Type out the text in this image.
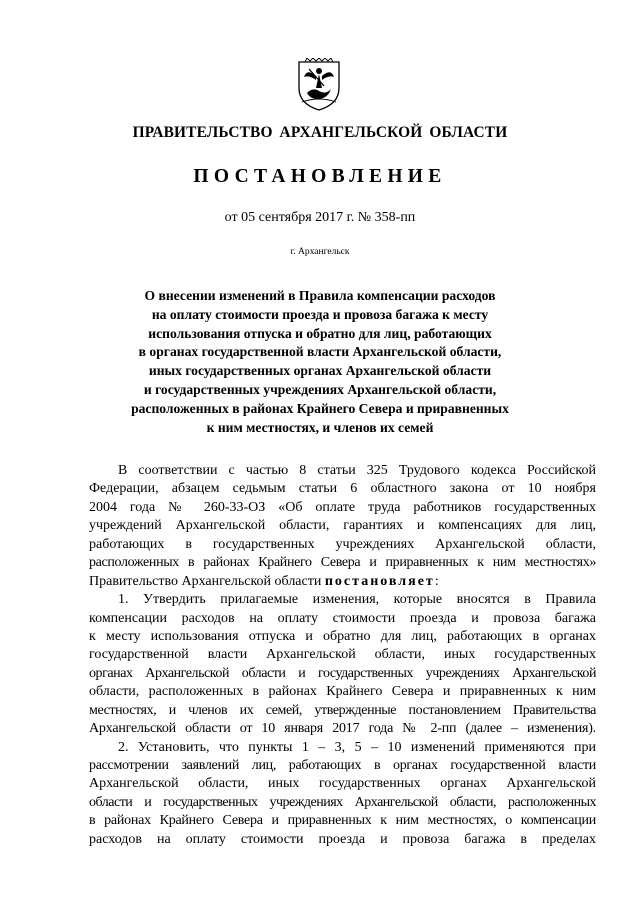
ПРАВИТЕЛЬСТВО АРХАНГЕЛЬСКОЙ ОБЛАСТИ
ПОСТАНОВЛЕНИЕ
от 05 сентября 2017 г. № 358-пп
г. Архангельск
О внесении изменений в Правила компенсации расходов
на оплату стоимости проезда и провоза багажа к месту
использования отпуска и обратно для лиц, работающих
в органах государственной власти Архангельской области,
иных государственных органах Архангельской области
и государственных учреждениях Архангельской области,
расположенных в районах Крайнего Севера и приравненных
к ним местностях, и членов их семей
В соответствии с частью 8 статьи 325 Трудового кодекса Российской
Федерации, абзацем седьмым статьи 6 областного закона от 10 ноября
2004 года № 260-33-ОЗ «Об оплате труда работников государственных
учреждений Архангельской области, гарантиях и компенсациях для лиц,
работающих в государственных учреждениях Архангельской области,
расположенных в районах Крайнего Севера и приравненных к ним местностях»
Правительство Архангельской области постановляет:
1. Утвердить прилагаемые изменения, которые вносятся в Правила
компенсации расходов на оплату стоимости проезда и провоза багажа
к месту использования отпуска и обратно для лиц, работающих в органах
государственной власти Архангельской области, иных государственных
органах Архангельской области и государственных учреждениях Архангельской
области, расположенных в районах Крайнего Севера и приравненных к ним
местностях, и членов их семей, утвержденные постановлением Правительства
Архангельской области от 10 января 2017 года № 2-пп (далее – изменения).
2. Установить, что пункты 1 – 3, 5 – 10 изменений применяются при
рассмотрении заявлений лиц, работающих в органах государственной власти
Архангельской области, иных государственных органах Архангельской
области и государственных учреждениях Архангельской области, расположенных
в районах Крайнего Севера и приравненных к ним местностях, о компенсации
расходов на оплату стоимости проезда и провоза багажа в пределах
